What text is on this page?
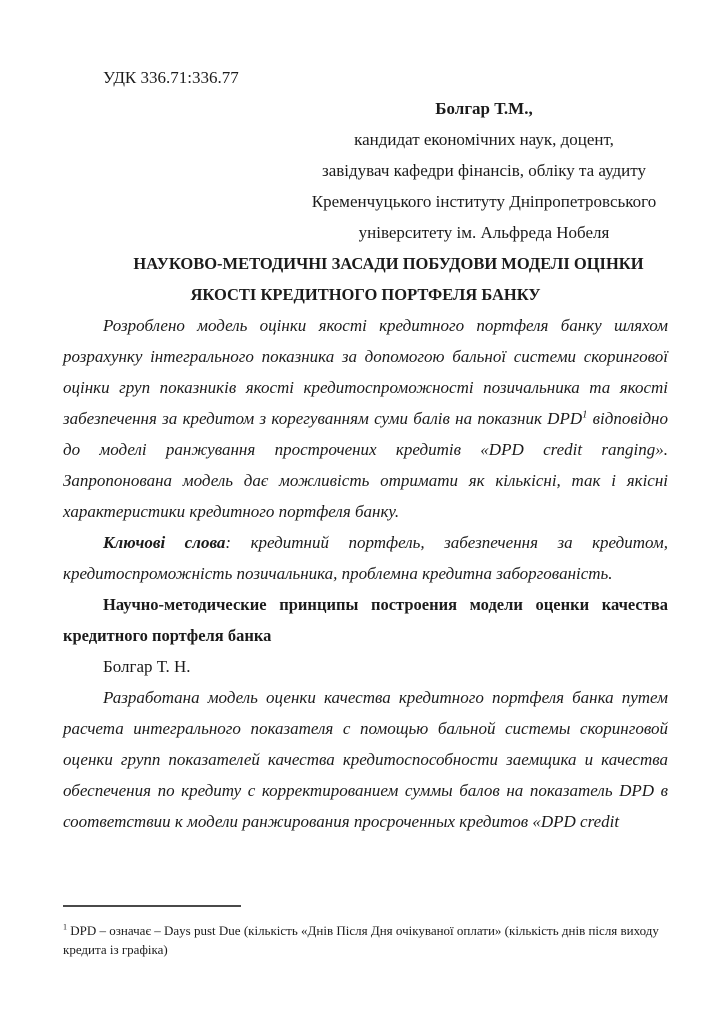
УДК 336.71:336.77

Болгар Т.М.,

кандидат економічних наук, доцент,

завідувач кафедри фінансів, обліку та аудиту

Кременчуцького інституту Дніпропетровського

університету ім. Альфреда Нобеля

НАУКОВО-МЕТОДИЧНІ ЗАСАДИ ПОБУДОВИ МОДЕЛІ ОЦІНКИ ЯКОСТІ КРЕДИТНОГО ПОРТФЕЛЯ БАНКУ

Розроблено модель оцінки якості кредитного портфеля банку шляхом розрахунку інтегрального показника за допомогою бальної системи скорингової оцінки груп показників якості кредитоспроможності позичальника та якості забезпечення за кредитом з корегуванням суми балів на показник DPD$^1$ відповідно до моделі ранжування прострочених кредитів «DPD credit ranging». Запропонована модель дає можливість отримати як кількісні, так і якісні характеристики кредитного портфеля банку.

Ключові слова: кредитний портфель, забезпечення за кредитом, кредитоспроможність позичальника, проблемна кредитна заборгованість.

Научно-методические принципы построения модели оценки качества кредитного портфеля банка

Болгар Т. Н.

Разработана модель оценки качества кредитного портфеля банка путем расчета интегрального показателя с помощью бальной системы скоринговой оценки групп показателей качества кредитоспособности заемщика и качества обеспечения по кредиту с корректированием суммы балов на показатель DPD в соответствии к модели ранжирования просроченных кредитов «DPD credit

$^1$ DPD – означає – Days pust Due (кількість «Днів Після Дня очікуваної оплати» (кількість днів після виходу кредита із графіка)
